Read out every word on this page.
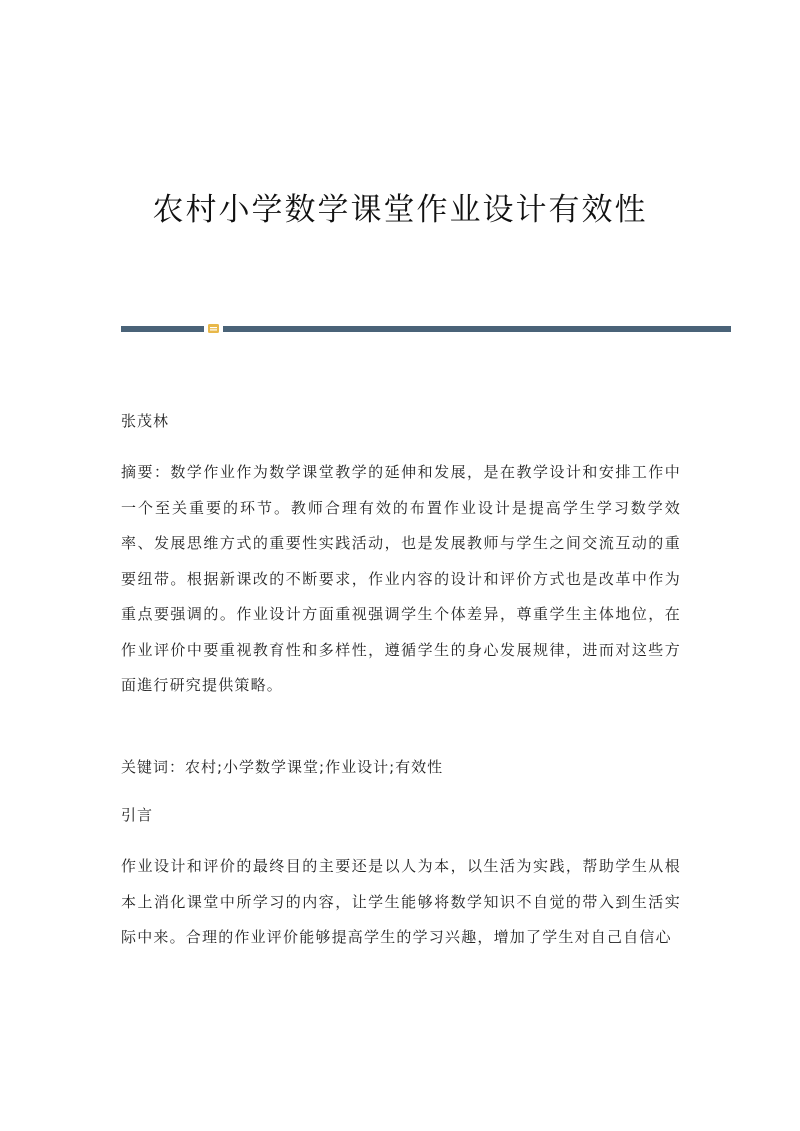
农村小学数学课堂作业设计有效性
张茂林

摘要：数学作业作为数学课堂教学的延伸和发展，是在教学设计和安排工作中一个至关重要的环节。教师合理有效的布置作业设计是提高学生学习数学效率、发展思维方式的重要性实践活动，也是发展教师与学生之间交流互动的重要纽带。根据新课改的不断要求，作业内容的设计和评价方式也是改革中作为重点要强调的。作业设计方面重视强调学生个体差异，尊重学生主体地位，在作业评价中要重视教育性和多样性，遵循学生的身心发展规律，进而对这些方面進行研究提供策略。

关键词：农村;小学数学课堂;作业设计;有效性
引言

作业设计和评价的最终目的主要还是以人为本，以生活为实践，帮助学生从根本上消化课堂中所学习的内容，让学生能够将数学知识不自觉的带入到生活实际中来。合理的作业评价能够提高学生的学习兴趣，增加了学生对自己自信心
